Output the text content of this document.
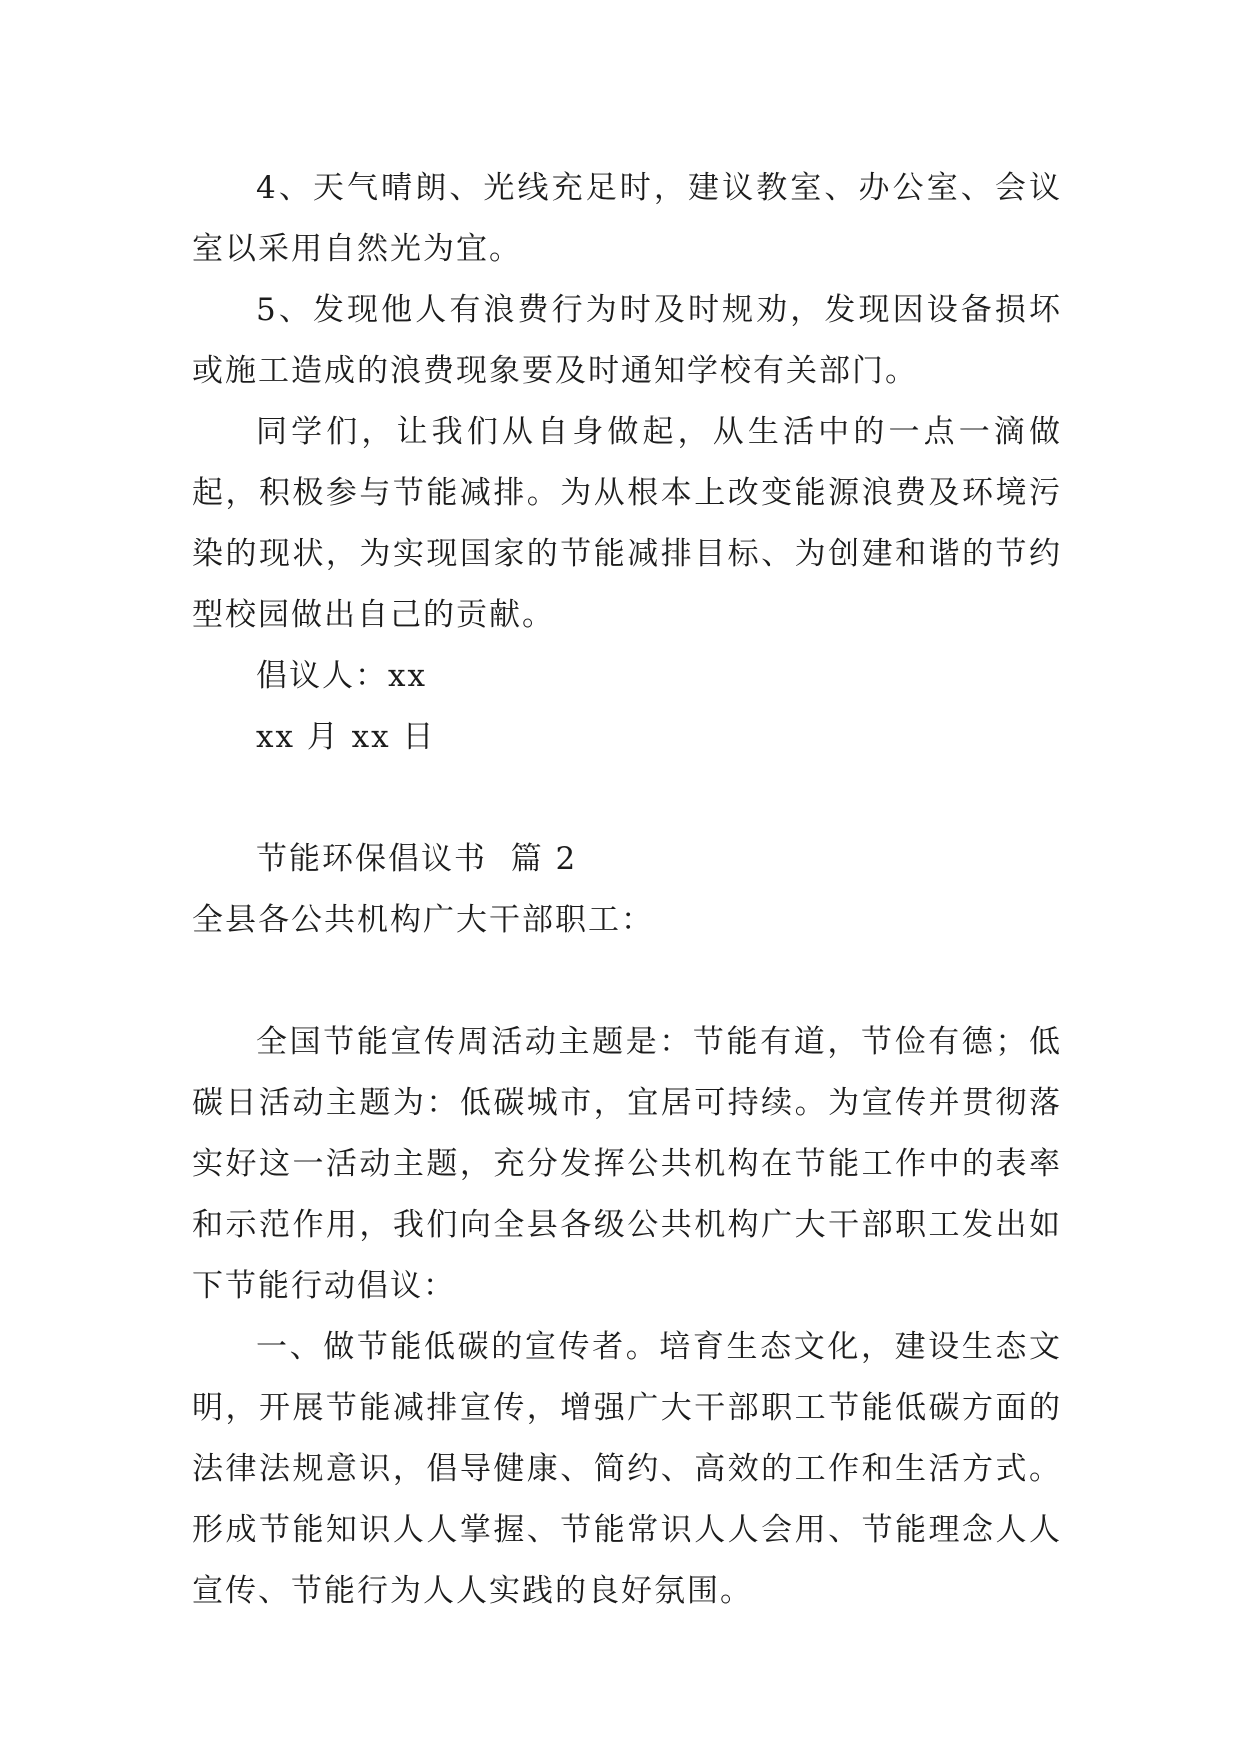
4、天气晴朗、光线充足时，建议教室、办公室、会议室以采用自然光为宜。

5、发现他人有浪费行为时及时规劝，发现因设备损坏或施工造成的浪费现象要及时通知学校有关部门。

同学们，让我们从自身做起，从生活中的一点一滴做起，积极参与节能减排。为从根本上改变能源浪费及环境污染的现状，为实现国家的节能减排目标、为创建和谐的节约型校园做出自己的贡献。

倡议人：xx

xx 月 xx 日

节能环保倡议书  篇 2

全县各公共机构广大干部职工：

全国节能宣传周活动主题是：节能有道，节俭有德；低碳日活动主题为：低碳城市，宜居可持续。为宣传并贯彻落实好这一活动主题，充分发挥公共机构在节能工作中的表率和示范作用，我们向全县各级公共机构广大干部职工发出如下节能行动倡议：

一、做节能低碳的宣传者。培育生态文化，建设生态文明，开展节能减排宣传，增强广大干部职工节能低碳方面的法律法规意识，倡导健康、简约、高效的工作和生活方式。形成节能知识人人掌握、节能常识人人会用、节能理念人人宣传、节能行为人人实践的良好氛围。
